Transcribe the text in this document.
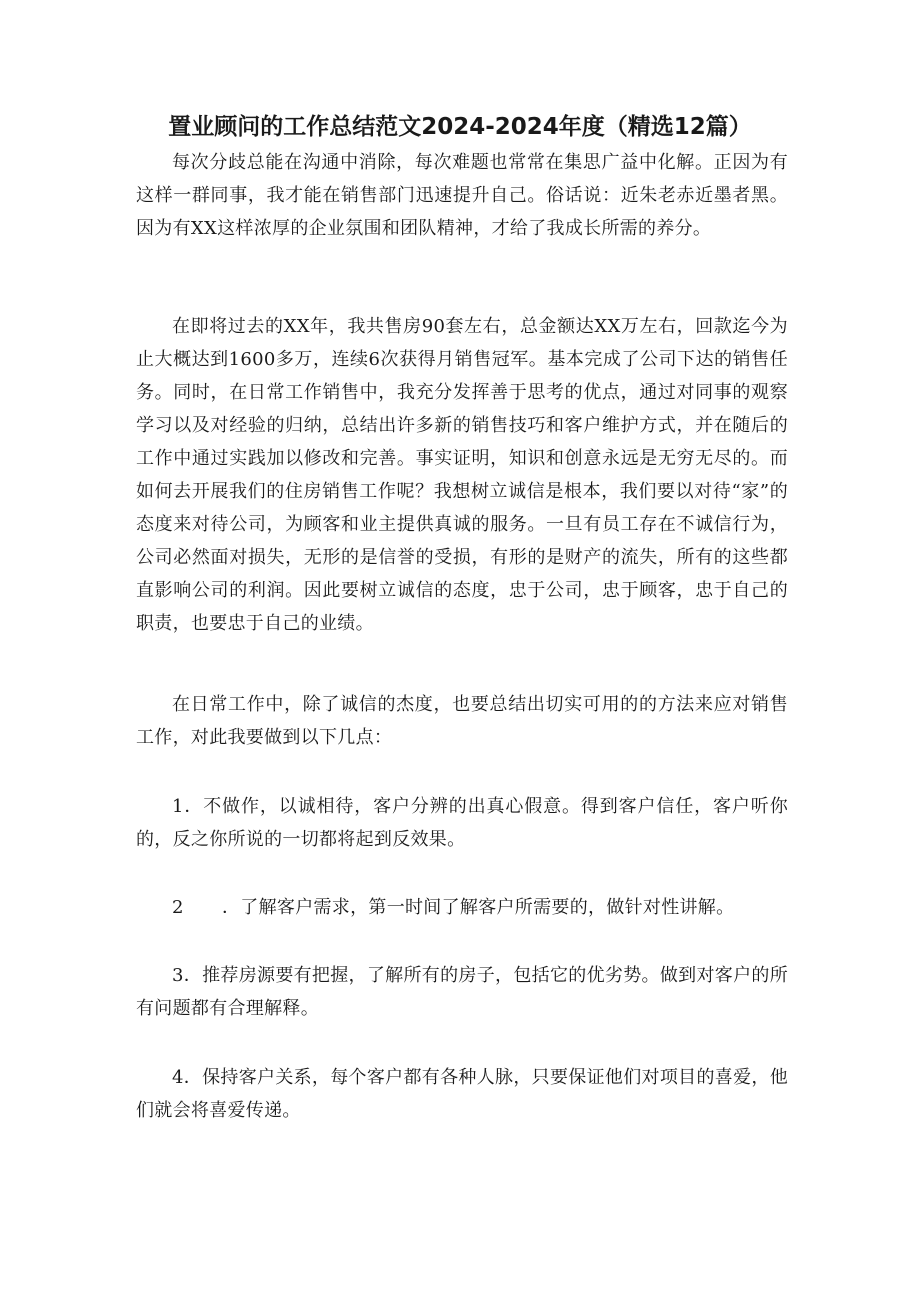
置业顾问的工作总结范文2024-2024年度（精选12篇）

每次分歧总能在沟通中消除，每次难题也常常在集思广益中化解。正因为有这样一群同事，我才能在销售部门迅速提升自己。俗话说：近朱老赤近墨者黑。因为有XX这样浓厚的企业氛围和团队精神，才给了我成长所需的养分。

在即将过去的XX年，我共售房90套左右，总金额达XX万左右，回款迄今为止大概达到1600多万，连续6次获得月销售冠军。基本完成了公司下达的销售任务。同时，在日常工作销售中，我充分发挥善于思考的优点，通过对同事的观察学习以及对经验的归纳，总结出许多新的销售技巧和客户维护方式，并在随后的工作中通过实践加以修改和完善。事实证明，知识和创意永远是无穷无尽的。而如何去开展我们的住房销售工作呢？我想树立诚信是根本，我们要以对待“家”的态度来对待公司，为顾客和业主提供真诚的服务。一旦有员工存在不诚信行为，公司必然面对损失，无形的是信誉的受损，有形的是财产的流失，所有的这些都直影响公司的利润。因此要树立诚信的态度，忠于公司，忠于顾客，忠于自己的职责，也要忠于自己的业绩。

在日常工作中，除了诚信的杰度，也要总结出切实可用的的方法来应对销售工作，对此我要做到以下几点：

1．不做作，以诚相待，客户分辨的出真心假意。得到客户信任，客户听你的，反之你所说的一切都将起到反效果。

2 ．了解客户需求，第一时间了解客户所需要的，做针对性讲解。

3．推荐房源要有把握，了解所有的房子，包括它的优劣势。做到对客户的所有问题都有合理解释。

4．保持客户关系，每个客户都有各种人脉，只要保证他们对项目的喜爱，他们就会将喜爱传递。
